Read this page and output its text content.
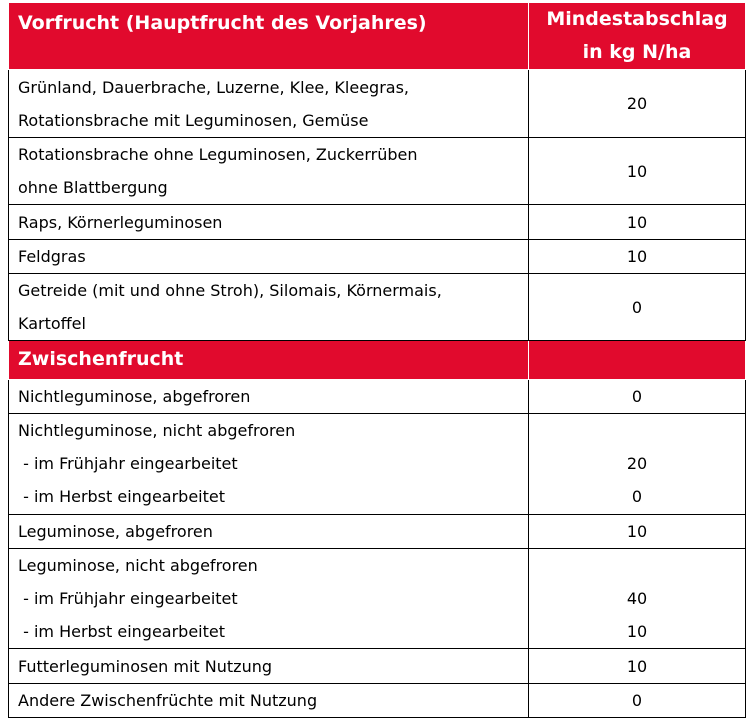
Vorfrucht (Hauptfrucht des Vorjahres)	Mindestabschlag
in kg N/ha

Grünland, Dauerbrache, Luzerne, Klee, Kleegras,
Rotationsbrache mit Leguminosen, Gemüse	20

Rotationsbrache ohne Leguminosen, Zuckerrüben
ohne Blattbergung	10
Raps, Körnerleguminosen	10
Feldgras	10

Getreide (mit und ohne Stroh), Silomais, Körnermais,
Kartoffel	0
Zwischenfrucht	
Nichtleguminose, abgefroren	0
Nichtleguminose, nicht abgefroren	
- im Frühjahr eingearbeitet	20
- im Herbst eingearbeitet	0
Leguminose, abgefroren	10
Leguminose, nicht abgefroren	
- im Frühjahr eingearbeitet	40
- im Herbst eingearbeitet	10
Futterleguminosen mit Nutzung	10
Andere Zwischenfrüchte mit Nutzung	0
